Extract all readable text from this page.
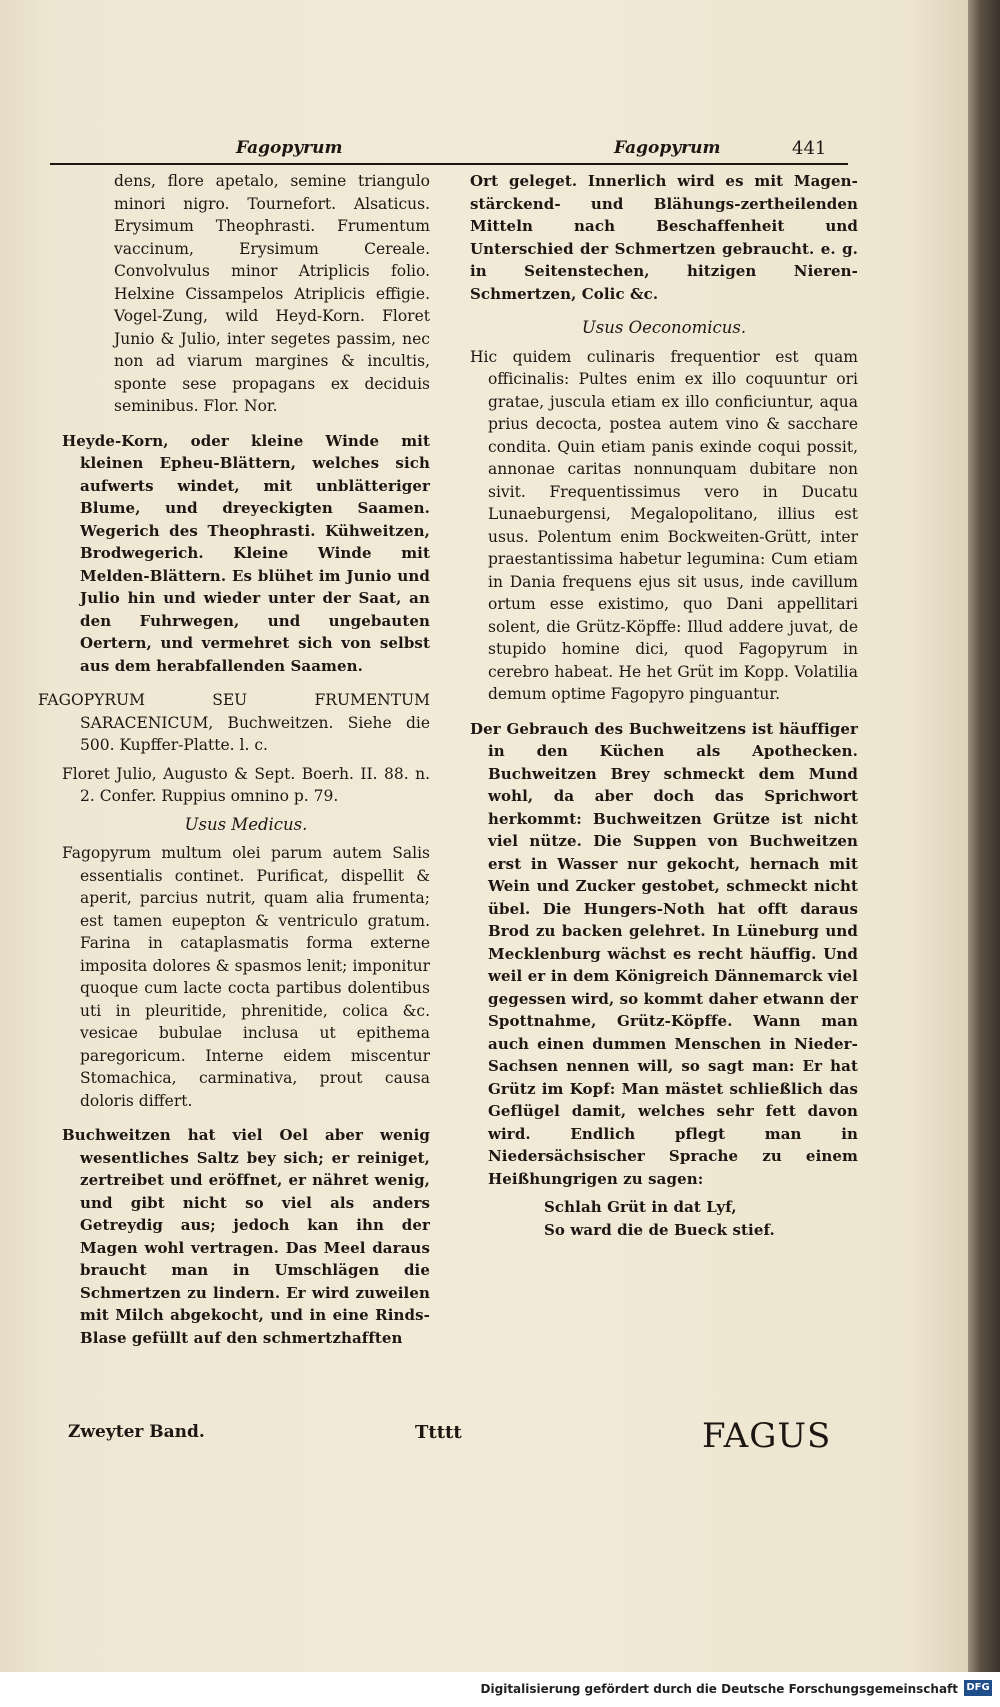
Fagopyrum	Fagopyrum	441

dens, flore apetalo, semine triangulo minori nigro. Tournefort. Alsaticus. Erysimum Theophrasti. Frumentum vaccinum, Erysimum Cereale. Convolvulus minor Atriplicis folio. Helxine Cissampelos Atriplicis effigie. Vogel-Zung, wild Heyd-Korn. Floret Junio & Julio, inter segetes passim, nec non ad viarum margines & incultis, sponte sese propagans ex deciduis seminibus. Flor. Nor.

Heyde-Korn, oder kleine Winde mit kleinen Epheu-Blättern, welches sich aufwerts windet, mit unblätteriger Blume, und dreyeckigten Saamen. Wegerich des Theophrasti. Kühweitzen, Brodwegerich. Kleine Winde mit Melden-Blättern. Es blühet im Junio und Julio hin und wieder unter der Saat, an den Fuhrwegen, und ungebauten Oertern, und vermehret sich von selbst aus dem herabfallenden Saamen.

FAGOPYRUM SEU FRUMENTUM SARACENICUM, Buchweitzen. Siehe die 500. Kupffer-Platte. l. c.

Floret Julio, Augusto & Sept. Boerh. II. 88. n. 2. Confer. Ruppius omnino p. 79.

Usus Medicus.

Fagopyrum multum olei parum autem Salis essentialis continet. Purificat, dispellit & aperit, parcius nutrit, quam alia frumenta; est tamen eupepton & ventriculo gratum. Farina in cataplasmatis forma externe imposita dolores & spasmos lenit; imponitur quoque cum lacte cocta partibus dolentibus uti in pleuritide, phrenitide, colica &c. vesicae bubulae inclusa ut epithema paregoricum. Interne eidem miscentur Stomachica, carminativa, prout causa doloris differt.

Buchweitzen hat viel Oel aber wenig wesentliches Saltz bey sich; er reiniget, zertreibet und eröffnet, er nähret wenig, und gibt nicht so viel als anders Getreydig aus; jedoch kan ihn der Magen wohl vertragen. Das Meel daraus braucht man in Umschlägen die Schmertzen zu lindern. Er wird zuweilen mit Milch abgekocht, und in eine Rinds-Blase gefüllt auf den schmertzhafften

Ort geleget. Innerlich wird es mit Magen-stärckend- und Blähungs-zertheilenden Mitteln nach Beschaffenheit und Unterschied der Schmertzen gebraucht. e. g. in Seitenstechen, hitzigen Nieren-Schmertzen, Colic &c.

Usus Oeconomicus.

Hic quidem culinaris frequentior est quam officinalis: Pultes enim ex illo coquuntur ori gratae, juscula etiam ex illo conficiuntur, aqua prius decocta, postea autem vino & sacchare condita. Quin etiam panis exinde coqui possit, annonae caritas nonnunquam dubitare non sivit. Frequentissimus vero in Ducatu Lunaeburgensi, Megalopolitano, illius est usus. Polentum enim Bockweiten-Grütt, inter praestantissima habetur legumina: Cum etiam in Dania frequens ejus sit usus, inde cavillum ortum esse existimo, quo Dani appellitari solent, die Grütz-Köpffe: Illud addere juvat, de stupido homine dici, quod Fagopyrum in cerebro habeat. He het Grüt im Kopp. Volatilia demum optime Fagopyro pinguantur.

Der Gebrauch des Buchweitzens ist häuffiger in den Küchen als Apothecken. Buchweitzen Brey schmeckt dem Mund wohl, da aber doch das Sprichwort herkommt: Buchweitzen Grütze ist nicht viel nütze. Die Suppen von Buchweitzen erst in Wasser nur gekocht, hernach mit Wein und Zucker gestobet, schmeckt nicht übel. Die Hungers-Noth hat offt daraus Brod zu backen gelehret. In Lüneburg und Mecklenburg wächst es recht häuffig. Und weil er in dem Königreich Dännemarck viel gegessen wird, so kommt daher etwann der Spottnahme, Grütz-Köpffe. Wann man auch einen dummen Menschen in Nieder-Sachsen nennen will, so sagt man: Er hat Grütz im Kopf: Man mästet schließlich das Geflügel damit, welches sehr fett davon wird. Endlich pflegt man in Niedersächsischer Sprache zu einem Heißhungrigen zu sagen:

Schlah Grüt in dat Lyf,

So ward die de Bueck stief.

Zweyter Band.	Ttttt	FAGUS
Digitalisierung gefördert durch die Deutsche Forschungsgemeinschaft DFG
